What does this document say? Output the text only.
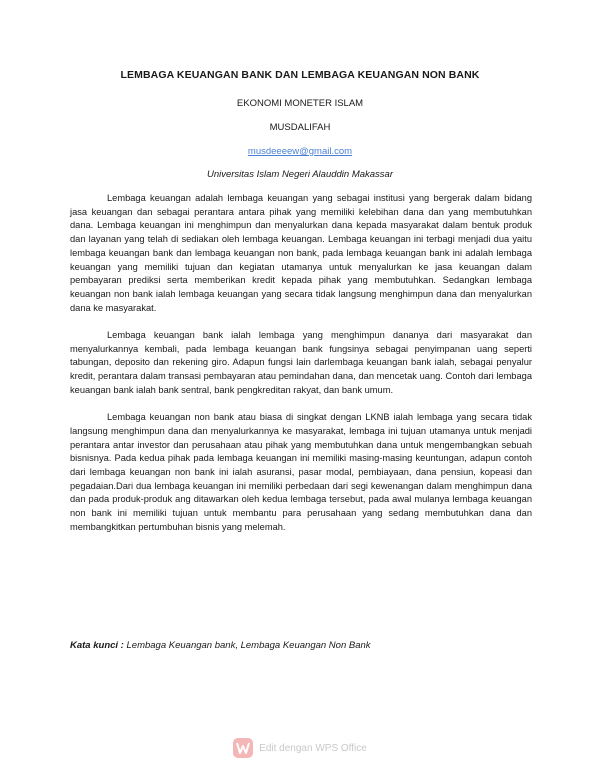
LEMBAGA KEUANGAN BANK DAN LEMBAGA KEUANGAN NON BANK
EKONOMI MONETER ISLAM
MUSDALIFAH
musdeeeew@gmail.com
Universitas Islam Negeri Alauddin Makassar

Lembaga keuangan adalah lembaga keuangan yang sebagai institusi yang bergerak dalam bidang jasa keuangan dan sebagai perantara antara pihak yang memiliki kelebihan dana dan yang membutuhkan dana. Lembaga keuangan ini menghimpun dan menyalurkan dana kepada masyarakat dalam bentuk produk dan layanan yang telah di sediakan oleh lembaga keuangan. Lembaga keuangan ini terbagi menjadi dua yaitu lembaga keuangan bank dan lembaga keuangan non bank, pada lembaga keuangan bank ini adalah lembaga keuangan yang memiliki tujuan dan kegiatan utamanya untuk menyalurkan ke jasa keuangan dalam pembayaran prediksi serta memberikan kredit kepada pihak yang membutuhkan. Sedangkan lembaga keuangan non bank ialah lembaga keuangan yang secara tidak langsung menghimpun dana dan menyalurkan dana ke masyarakat.

Lembaga keuangan bank ialah lembaga yang menghimpun dananya dari masyarakat dan menyalurkannya kembali, pada lembaga keuangan bank fungsinya sebagai penyimpanan uang seperti tabungan, deposito dan rekening giro. Adapun fungsi lain darlembaga keuangan bank ialah, sebagai penyalur kredit, perantara dalam transasi pembayaran atau pemindahan dana, dan mencetak uang. Contoh dari lembaga keuangan bank ialah bank sentral, bank pengkreditan rakyat, dan bank umum.

Lembaga keuangan non bank atau biasa di singkat dengan LKNB ialah lembaga yang secara tidak langsung menghimpun dana dan menyalurkannya ke masyarakat, lembaga ini tujuan utamanya untuk menjadi perantara antar investor dan perusahaan atau pihak yang membutuhkan dana untuk mengembangkan sebuah bisnisnya. Pada kedua pihak pada lembaga keuangan ini memiliki masing-masing keuntungan, adapun contoh dari lembaga keuangan non bank ini ialah asuransi, pasar modal, pembiayaan, dana pensiun, kopeasi dan pegadaian.Dari dua lembaga keuangan ini memiliki perbedaan dari segi kewenangan dalam menghimpun dana dan pada produk-produk ang ditawarkan oleh kedua lembaga tersebut, pada awal mulanya lembaga keuangan non bank ini memiliki tujuan untuk membantu para perusahaan yang sedang membutuhkan dana dan membangkitkan pertumbuhan bisnis yang melemah.

Kata kunci : Lembaga Keuangan bank, Lembaga Keuangan Non Bank
Edit dengan WPS Office
